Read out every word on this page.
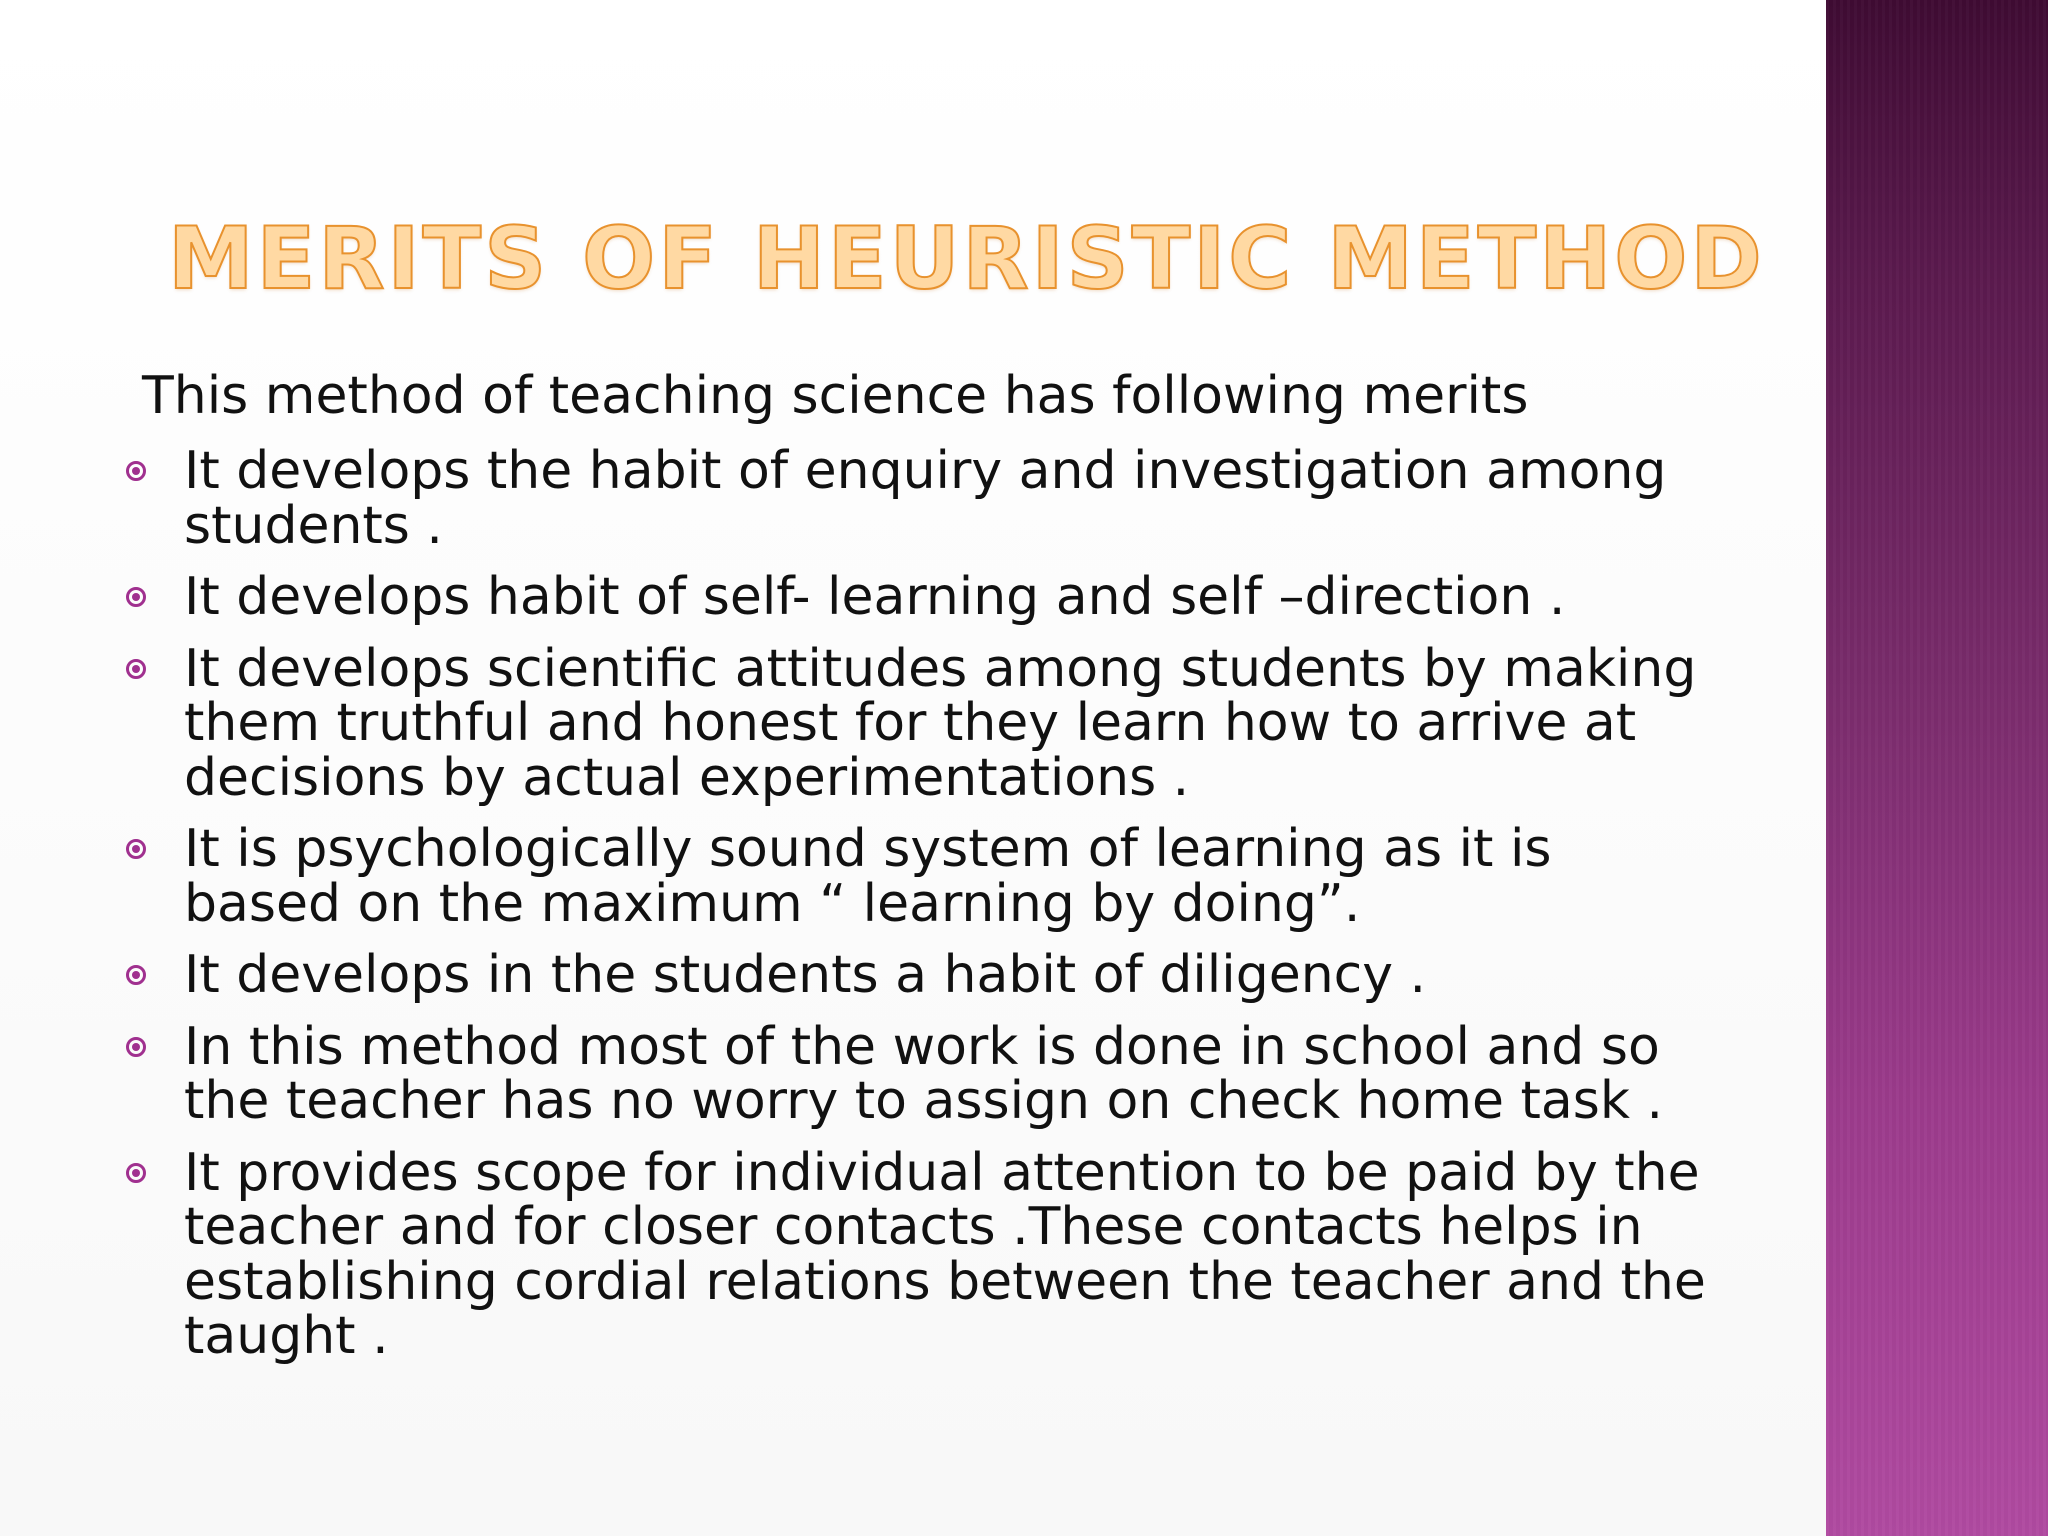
MERITS OF HEURISTIC METHOD

This method of teaching science has following merits

It develops the habit of enquiry and investigation among students .
It develops habit of self- learning and self –direction .
It develops scientific attitudes among students by making them truthful and honest for they learn how to arrive at decisions by actual experimentations .
It is psychologically sound system of learning as it is based on the maximum “ learning by doing”.
It develops in the students a habit of diligency .
In this method most of the work is done in school and so the teacher has no worry to assign on check home task .
It provides scope for individual attention to be paid by the teacher and for closer contacts .These contacts helps in establishing cordial relations between the teacher and the taught .
